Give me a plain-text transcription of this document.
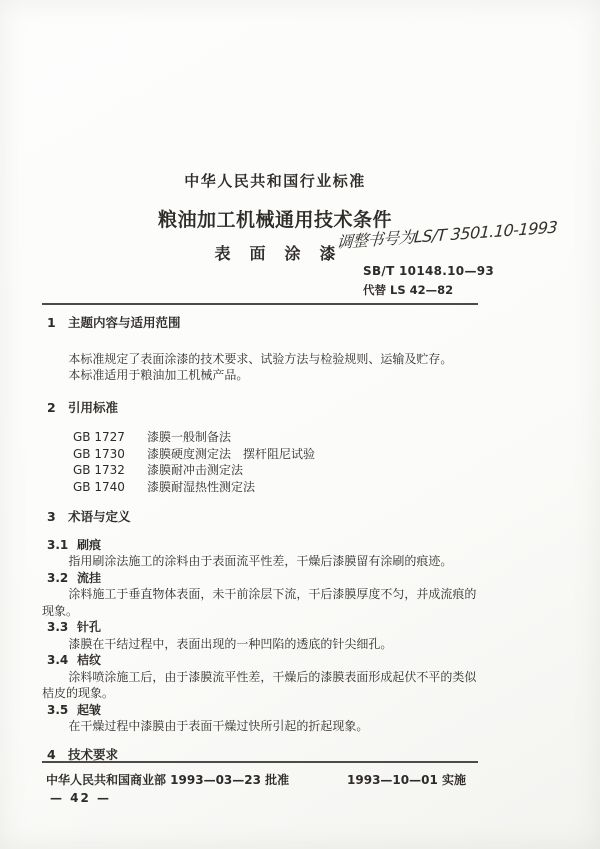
中华人民共和国行业标准
粮油加工机械通用技术条件
表面涂漆
调整书号为LS/T 3501.10-1993
SB/T 10148.10—93
代替 LS 42—82
1 主题内容与适用范围

本标准规定了表面涂漆的技术要求、试验方法与检验规则、运输及贮存。

本标准适用于粮油加工机械产品。

2 引用标准
GB 1727	漆膜一般制备法
GB 1730	漆膜硬度测定法　摆杆阻尼试验
GB 1732	漆膜耐冲击测定法
GB 1740	漆膜耐湿热性测定法
3 术语与定义
3.1 刷痕

指用刷涂法施工的涂料由于表面流平性差，干燥后漆膜留有涂刷的痕迹。

3.2 流挂

涂料施工于垂直物体表面，未干前涂层下流，干后漆膜厚度不匀，并成流痕的现象。

3.3 针孔

漆膜在干结过程中，表面出现的一种凹陷的透底的针尖细孔。

3.4 桔纹

涂料喷涂施工后，由于漆膜流平性差，干燥后的漆膜表面形成起伏不平的类似桔皮的现象。

3.5 起皱

在干燥过程中漆膜由于表面干燥过快所引起的折起现象。

4 技术要求
中华人民共和国商业部 1993—03—23 批准	1993—10—01 实施
— 42 —
